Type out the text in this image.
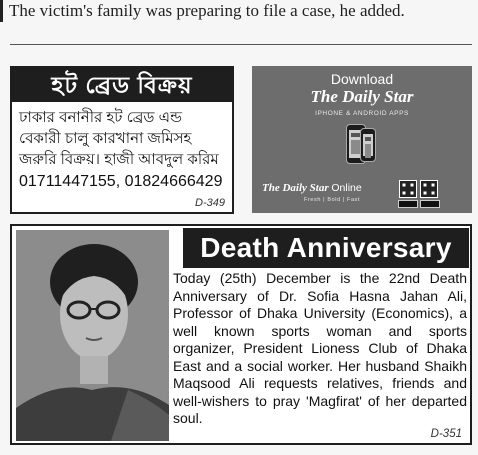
The victim's family was preparing to file a case, he added.
হট ব্রেড বিক্রয়
ঢাকার বনানীর হট ব্রেড এন্ড বেকারী চালু কারখানা জমিসহ জরুরি বিক্রয়। হাজী আবদুল করিম
01711447155, 01824666429
D-349
Download
The Daily Star
IPHONE & ANDROID APPS
The Daily Star Online
Fresh | Bold | Fast
Death Anniversary
Today (25th) December is the 22nd Death Anniversary of Dr. Sofia Hasna Jahan Ali, Professor of Dhaka University (Economics), a well known sports woman and sports organizer, President Lioness Club of Dhaka East and a social worker. Her husband Shaikh Maqsood Ali requests relatives, friends and well-wishers to pray 'Magfirat' of her departed soul.
D-351
